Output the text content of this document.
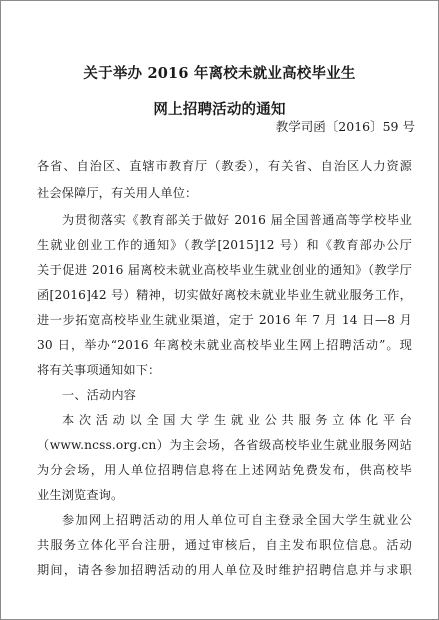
关于举办 2016 年离校未就业高校毕业生
网上招聘活动的通知
教学司函〔2016〕59 号
各省、自治区、直辖市教育厅（教委），有关省、自治区人力资源
社会保障厅，有关用人单位：
为贯彻落实《教育部关于做好 2016 届全国普通高等学校毕业
生就业创业工作的通知》（教学[2015]12 号）和《教育部办公厅
关于促进 2016 届离校未就业高校毕业生就业创业的通知》（教学厅
函[2016]42 号）精神，切实做好离校未就业毕业生就业服务工作，
进一步拓宽高校毕业生就业渠道，定于 2016 年 7 月 14 日—8 月
30 日，举办“2016 年离校未就业高校毕业生网上招聘活动”。现
将有关事项通知如下：
一、活动内容
本次活动以全国大学生就业公共服务立体化平台
（www.ncss.org.cn）为主会场，各省级高校毕业生就业服务网站
为分会场，用人单位招聘信息将在上述网站免费发布，供高校毕
业生浏览查询。
参加网上招聘活动的用人单位可自主登录全国大学生就业公
共服务立体化平台注册，通过审核后，自主发布职位信息。活动
期间，请各参加招聘活动的用人单位及时维护招聘信息并与求职
